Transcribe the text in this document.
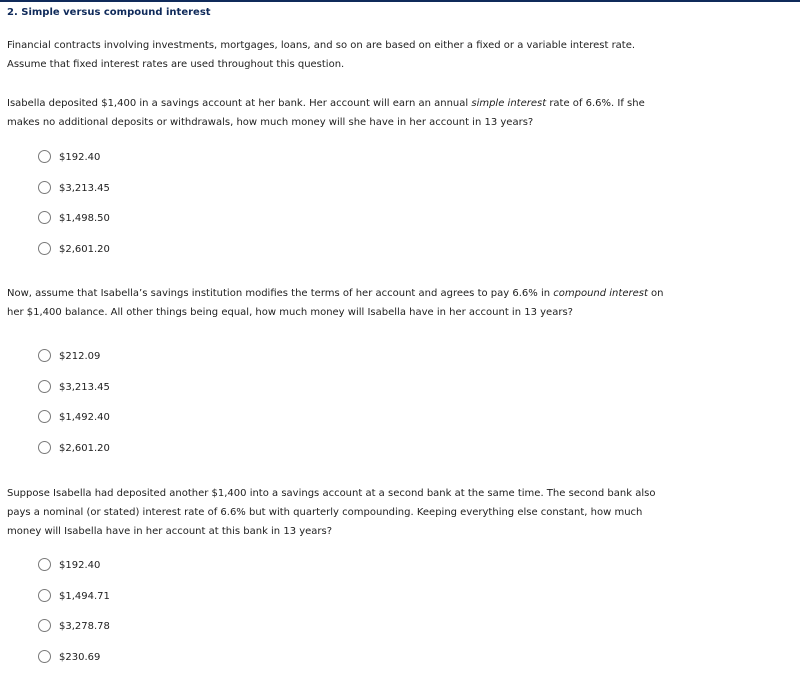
2. Simple versus compound interest

Financial contracts involving investments, mortgages, loans, and so on are based on either a fixed or a variable interest rate.
Assume that fixed interest rates are used throughout this question.

Isabella deposited $1,400 in a savings account at her bank. Her account will earn an annual simple interest rate of 6.6%. If she
makes no additional deposits or withdrawals, how much money will she have in her account in 13 years?

$192.40
$3,213.45
$1,498.50
$2,601.20

Now, assume that Isabella’s savings institution modifies the terms of her account and agrees to pay 6.6% in compound interest on
her $1,400 balance. All other things being equal, how much money will Isabella have in her account in 13 years?

$212.09
$3,213.45
$1,492.40
$2,601.20

Suppose Isabella had deposited another $1,400 into a savings account at a second bank at the same time. The second bank also
pays a nominal (or stated) interest rate of 6.6% but with quarterly compounding. Keeping everything else constant, how much
money will Isabella have in her account at this bank in 13 years?

$192.40
$1,494.71
$3,278.78
$230.69
